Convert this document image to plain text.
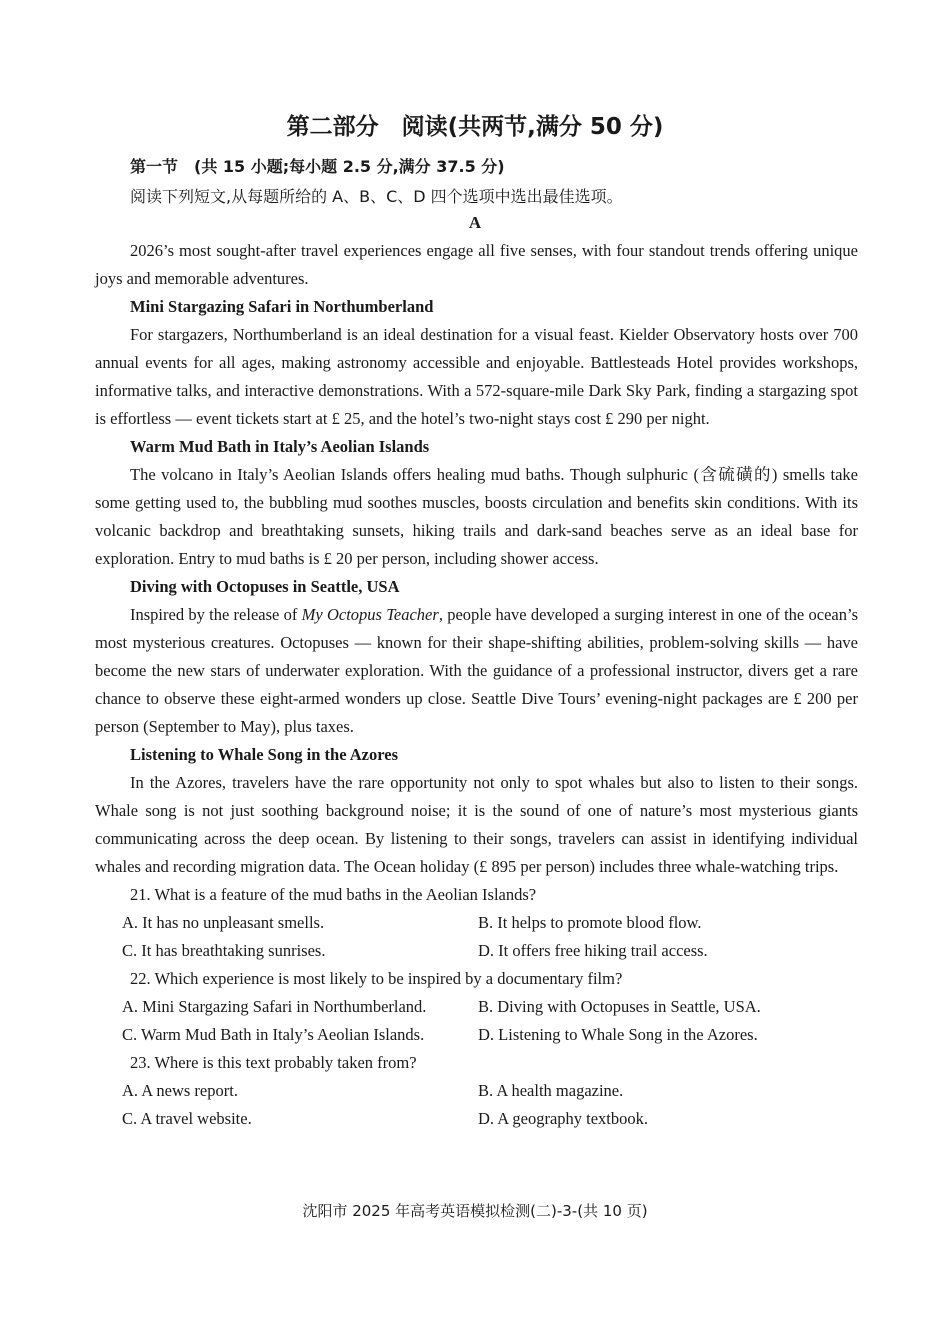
第二部分　阅读(共两节,满分 50 分)
第一节　(共 15 小题;每小题 2.5 分,满分 37.5 分)
阅读下列短文,从每题所给的 A、B、C、D 四个选项中选出最佳选项。
A

2026’s most sought-after travel experiences engage all five senses, with four standout trends offering unique joys and memorable adventures.

Mini Stargazing Safari in Northumberland

For stargazers, Northumberland is an ideal destination for a visual feast. Kielder Observatory hosts over 700 annual events for all ages, making astronomy accessible and enjoyable. Battlesteads Hotel provides workshops, informative talks, and interactive demonstrations. With a 572-square-mile Dark Sky Park, finding a stargazing spot is effortless — event tickets start at £ 25, and the hotel’s two-night stays cost £ 290 per night.

Warm Mud Bath in Italy’s Aeolian Islands

The volcano in Italy’s Aeolian Islands offers healing mud baths. Though sulphuric (含硫磺的) smells take some getting used to, the bubbling mud soothes muscles, boosts circulation and benefits skin conditions. With its volcanic backdrop and breathtaking sunsets, hiking trails and dark-sand beaches serve as an ideal base for exploration. Entry to mud baths is £ 20 per person, including shower access.

Diving with Octopuses in Seattle, USA

Inspired by the release of My Octopus Teacher, people have developed a surging interest in one of the ocean’s most mysterious creatures. Octopuses — known for their shape-shifting abilities, problem-solving skills — have become the new stars of underwater exploration. With the guidance of a professional instructor, divers get a rare chance to observe these eight-armed wonders up close. Seattle Dive Tours’ evening-night packages are £ 200 per person (September to May), plus taxes.

Listening to Whale Song in the Azores

In the Azores, travelers have the rare opportunity not only to spot whales but also to listen to their songs. Whale song is not just soothing background noise; it is the sound of one of nature’s most mysterious giants communicating across the deep ocean. By listening to their songs, travelers can assist in identifying individual whales and recording migration data. The Ocean holiday (£ 895 per person) includes three whale-watching trips.

21. What is a feature of the mud baths in the Aeolian Islands?

A. It has no unpleasant smells.	B. It helps to promote blood flow.
C. It has breathtaking sunrises.	D. It offers free hiking trail access.

22. Which experience is most likely to be inspired by a documentary film?

A. Mini Stargazing Safari in Northumberland.	B. Diving with Octopuses in Seattle, USA.
C. Warm Mud Bath in Italy’s Aeolian Islands.	D. Listening to Whale Song in the Azores.

23. Where is this text probably taken from?

A. A news report.	B. A health magazine.
C. A travel website.	D. A geography textbook.
沈阳市 2025 年高考英语模拟检测(二)-3-(共 10 页)
